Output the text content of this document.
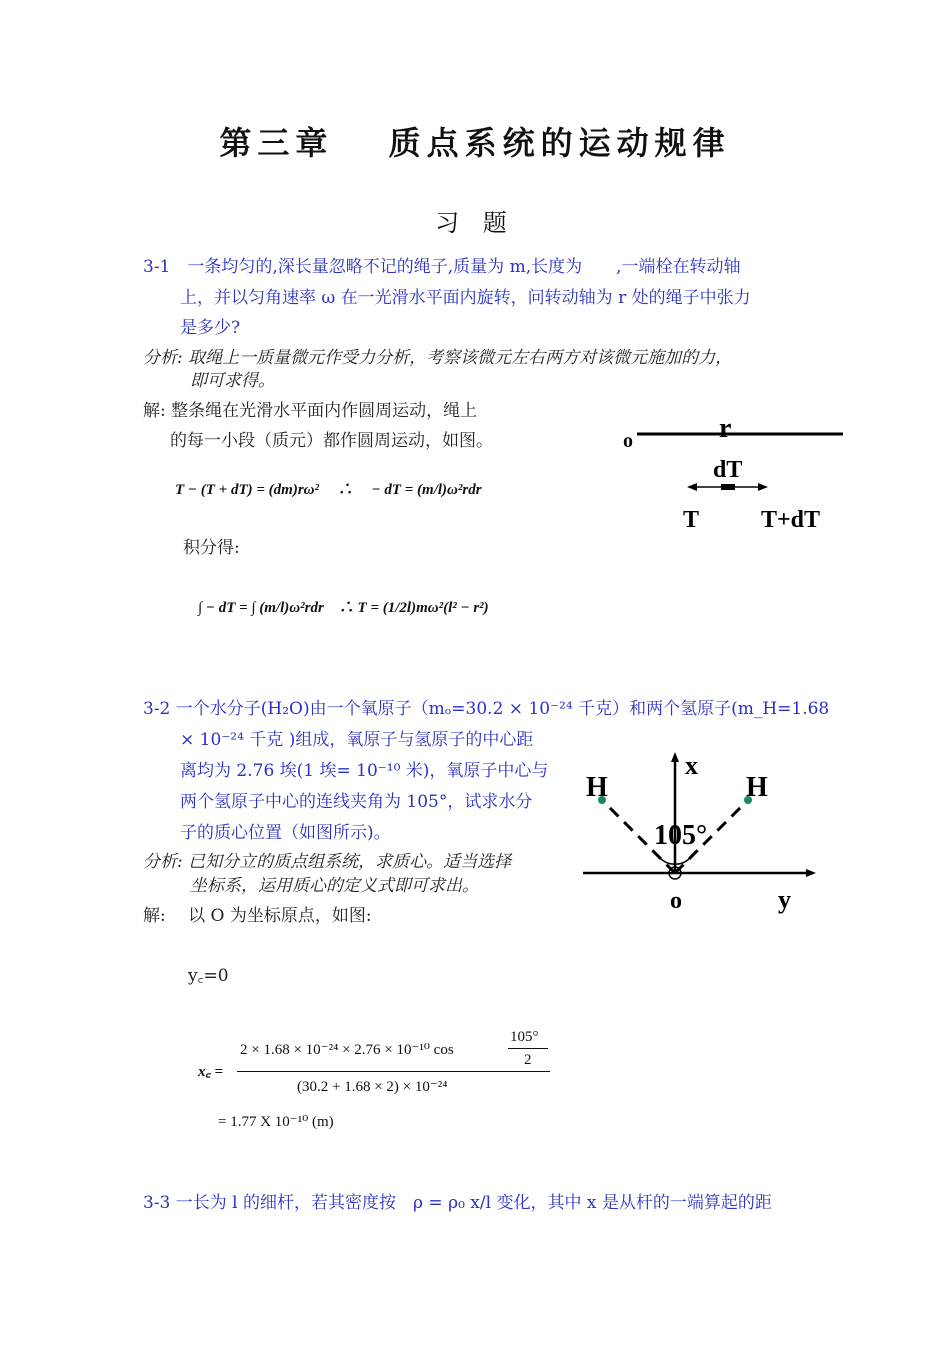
第三章　 质点系统的运动规律
习 题
3-1　一条均匀的,深长量忽略不记的绳子,质量为 m,长度为　　,一端栓在转动轴
上，并以匀角速率 ω 在一光滑水平面内旋转，问转动轴为 r 处的绳子中张力
是多少?
分析: 取绳上一质量微元作受力分析，考察该微元左右两方对该微元施加的力，
即可求得。
解: 整条绳在光滑水平面内作圆周运动，绳上
的每一小段（质元）都作圆周运动，如图。
T − (T + dT) = (dm)rω²　 ∴　 − dT = (m/l)ω²rdr
积分得:
∫ − dT = ∫ (m/l)ω²rdr　∴ T = (1/2l)mω²(l² − r²)
o	r
dT
T	T+dT
3-2 一个水分子(H₂O)由一个氧原子（mₒ=30.2 × 10⁻²⁴ 千克）和两个氢原子(m_H=1.68
× 10⁻²⁴ 千克 )组成，氧原子与氢原子的中心距
离均为 2.76 埃(1 埃= 10⁻¹⁰ 米)，氧原子中心与
两个氢原子中心的连线夹角为 105°，试求水分
子的质心位置（如图所示)。
分析: 已知分立的质点组系统，求质心。适当选择
坐标系，运用质心的定义式即可求出。
解: 　以 O 为坐标原点，如图:
y꜀=0
x꜀ =
2 × 1.68 × 10⁻²⁴ × 2.76 × 10⁻¹⁰ cos
105°
2
(30.2 + 1.68 × 2) × 10⁻²⁴
= 1.77 X 10⁻¹⁰ (m)
x
y
o
H	H
105°
3-3 一长为 l 的细杆，若其密度按　ρ = ρ₀ x/l 变化，其中 x 是从杆的一端算起的距
